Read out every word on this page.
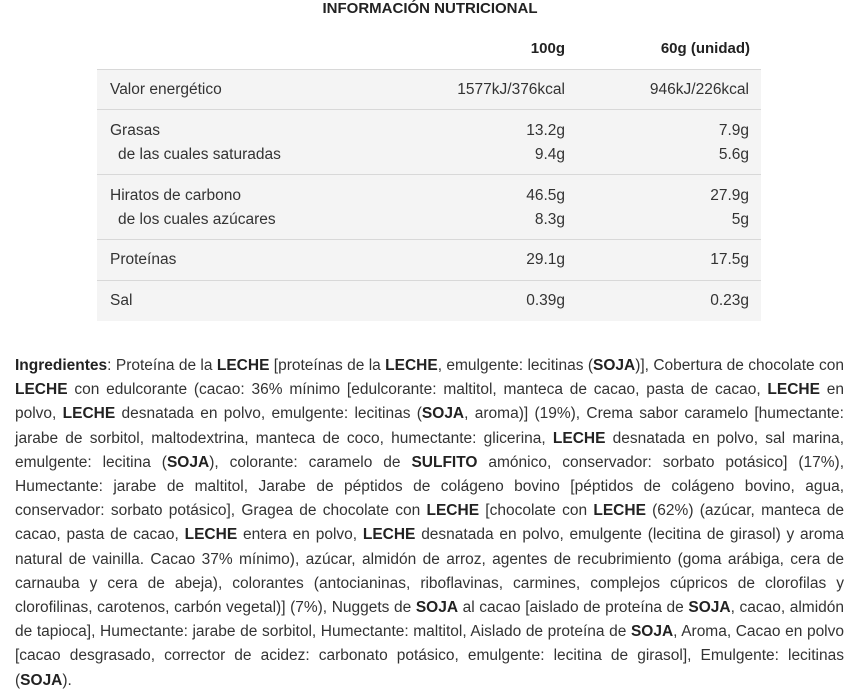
INFORMACIÓN NUTRICIONAL
100g	60g (unidad)
Valor energético	1577kJ/376kcal	946kJ/226kcal
Grasas	13.2g	7.9g
de las cuales saturadas	9.4g	5.6g
Hiratos de carbono	46.5g	27.9g
de los cuales azúcares	8.3g	5g
Proteínas	29.1g	17.5g
Sal	0.39g	0.23g
Ingredientes: Proteína de la LECHE [proteínas de la LECHE, emulgente: lecitinas (SOJA)], Cobertura de chocolate con LECHE con edulcorante (cacao: 36% mínimo [edulcorante: maltitol, manteca de cacao, pasta de cacao, LECHE en polvo, LECHE desnatada en polvo, emulgente: lecitinas (SOJA, aroma)] (19%), Crema sabor caramelo [humectante: jarabe de sorbitol, maltodextrina, manteca de coco, humectante: glicerina, LECHE desnatada en polvo, sal marina, emulgente: lecitina (SOJA), colorante: caramelo de SULFITO amónico, conservador: sorbato potásico] (17%), Humectante: jarabe de maltitol, Jarabe de péptidos de colágeno bovino [péptidos de colágeno bovino, agua, conservador: sorbato potásico], Gragea de chocolate con LECHE [chocolate con LECHE (62%) (azúcar, manteca de cacao, pasta de cacao, LECHE entera en polvo, LECHE desnatada en polvo, emulgente (lecitina de girasol) y aroma natural de vainilla. Cacao 37% mínimo), azúcar, almidón de arroz, agentes de recubrimiento (goma arábiga, cera de carnauba y cera de abeja), colorantes (antocianinas, riboflavinas, carmines, complejos cúpricos de clorofilas y clorofilinas, carotenos, carbón vegetal)] (7%), Nuggets de SOJA al cacao [aislado de proteína de SOJA, cacao, almidón de tapioca], Humectante: jarabe de sorbitol, Humectante: maltitol, Aislado de proteína de SOJA, Aroma, Cacao en polvo [cacao desgrasado, corrector de acidez: carbonato potásico, emulgente: lecitina de girasol], Emulgente: lecitinas (SOJA).
